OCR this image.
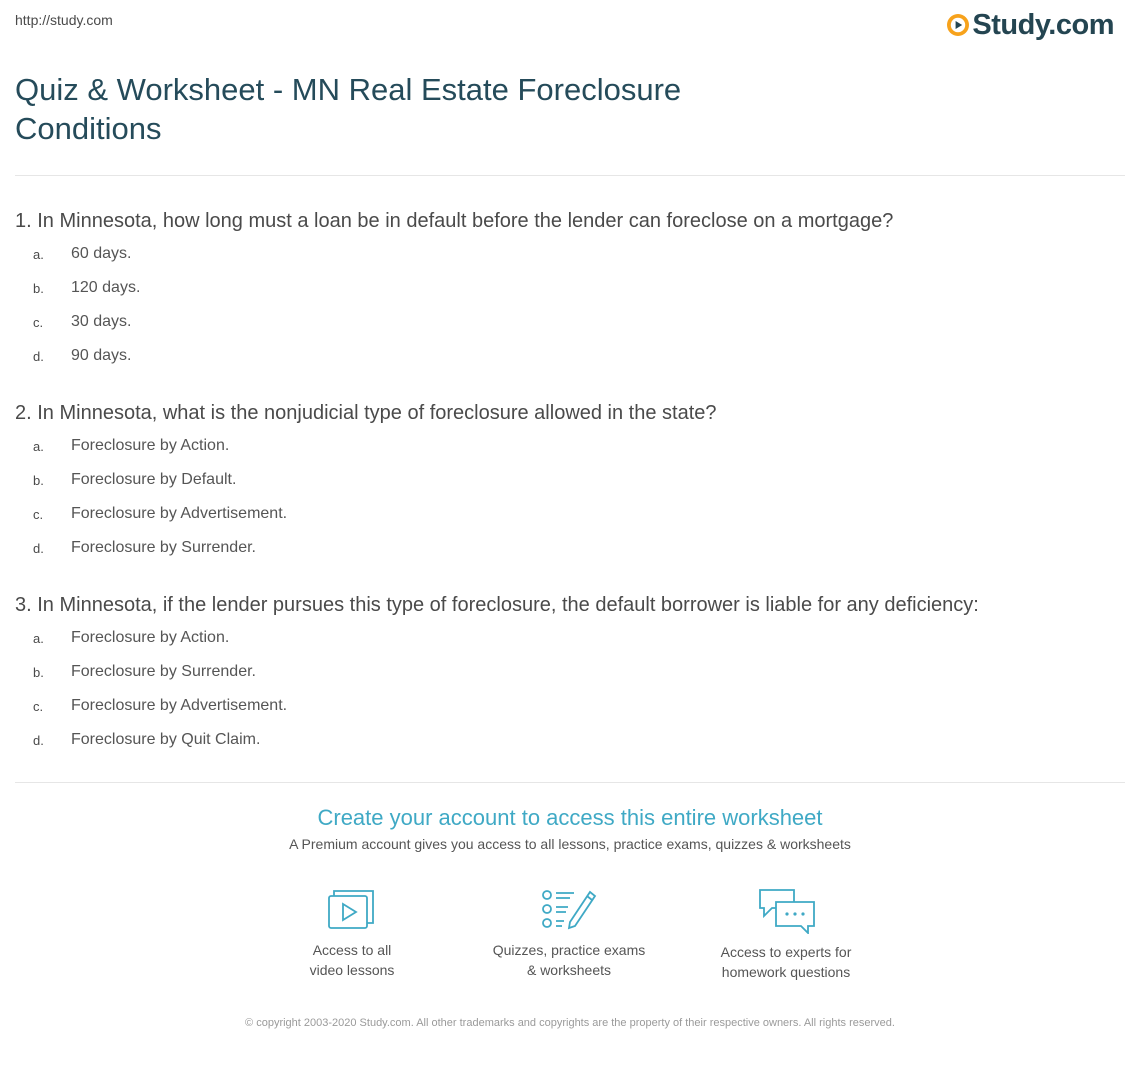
http://study.com	Study.com
Quiz & Worksheet - MN Real Estate Foreclosure Conditions
1. In Minnesota, how long must a loan be in default before the lender can foreclose on a mortgage?
a.	60 days.
b.	120 days.
c.	30 days.
d.	90 days.
2. In Minnesota, what is the nonjudicial type of foreclosure allowed in the state?
a.	Foreclosure by Action.
b.	Foreclosure by Default.
c.	Foreclosure by Advertisement.
d.	Foreclosure by Surrender.
3. In Minnesota, if the lender pursues this type of foreclosure, the default borrower is liable for any deficiency:
a.	Foreclosure by Action.
b.	Foreclosure by Surrender.
c.	Foreclosure by Advertisement.
d.	Foreclosure by Quit Claim.
Create your account to access this entire worksheet

A Premium account gives you access to all lessons, practice exams, quizzes & worksheets

Access to all
video lessons
Quizzes, practice exams
& worksheets
Access to experts for
homework questions
© copyright 2003-2020 Study.com. All other trademarks and copyrights are the property of their respective owners. All rights reserved.
